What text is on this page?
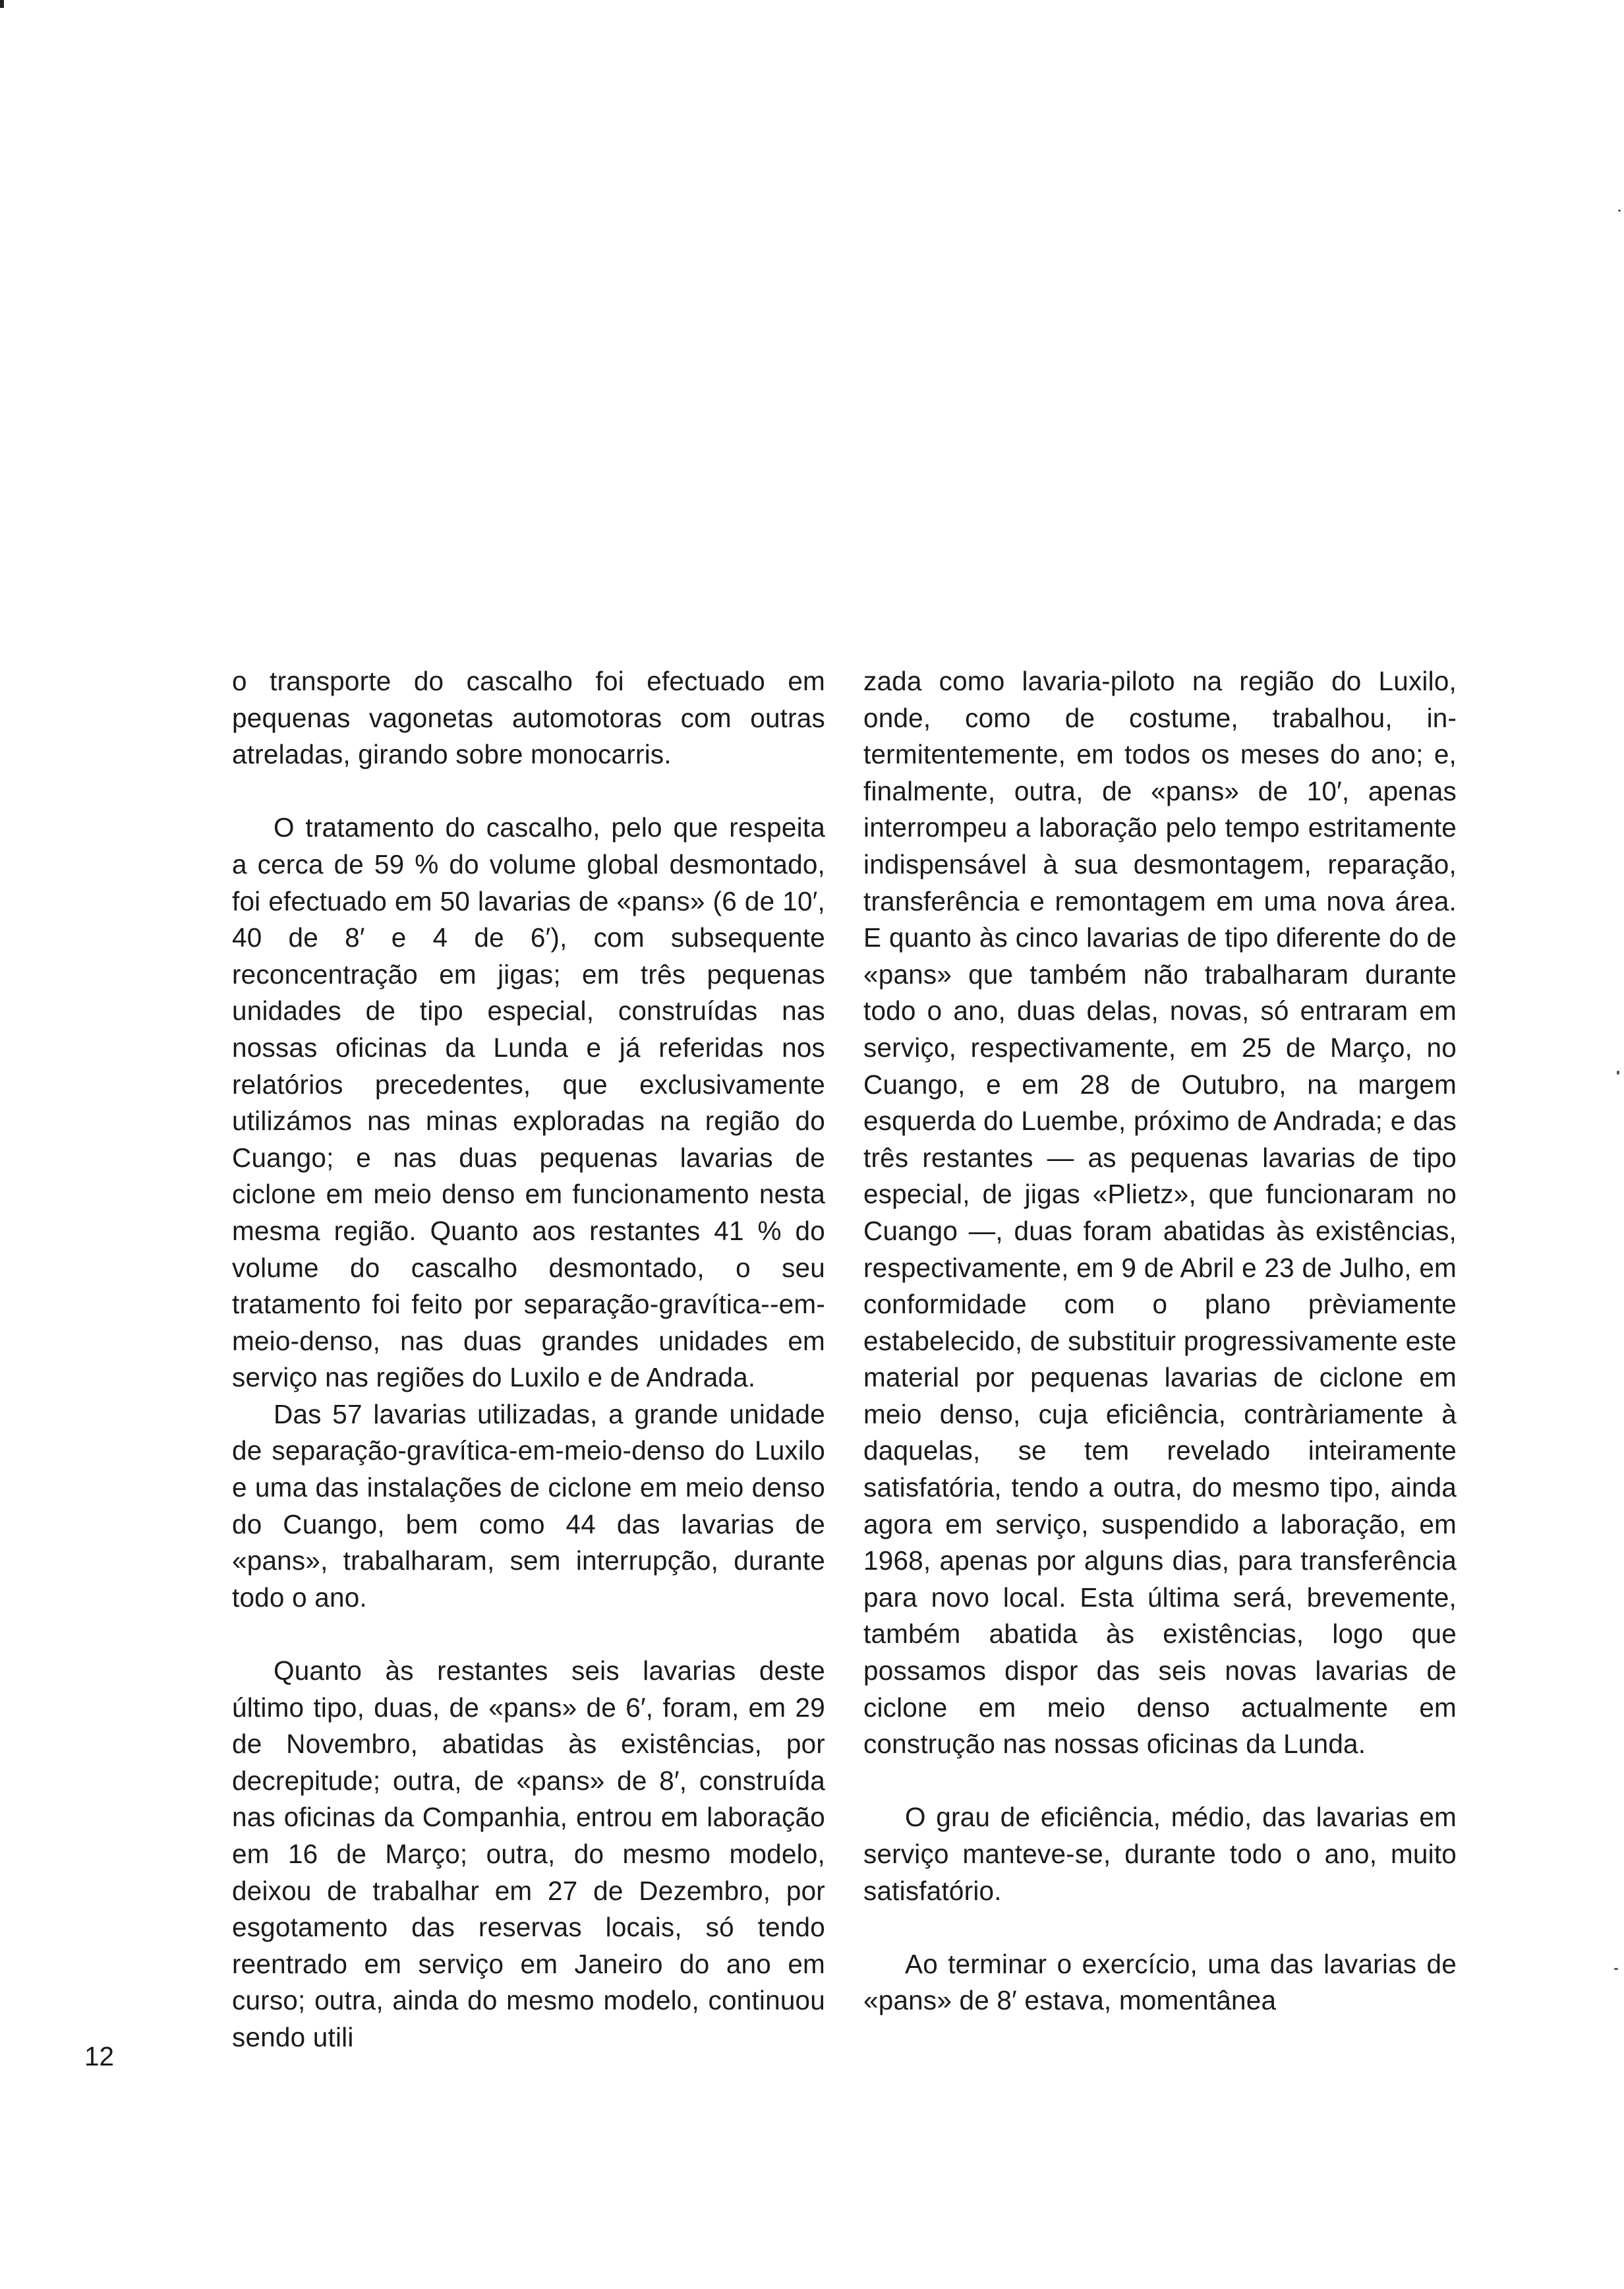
o transporte do cascalho foi efectuado em pequenas vagonetas automotoras com outras atreladas, girando sobre monocarris.

O tratamento do cascalho, pelo que respeita a cerca de 59 % do volume global desmontado, foi efectuado em 50 lavarias de «pans» (6 de 10′, 40 de 8′ e 4 de 6′), com subsequente reconcentração em jigas; em três pequenas unidades de tipo especial, construídas nas nossas oficinas da Lunda e já referidas nos relatórios precedentes, que exclusivamente utilizámos nas minas exploradas na região do Cuango; e nas duas pequenas lavarias de ciclone em meio denso em funcionamento nesta mesma região. Quanto aos restantes 41 % do volume do cascalho desmontado, o seu tratamento foi feito por separação-gravítica--em-meio-denso, nas duas grandes unidades em serviço nas regiões do Luxilo e de Andrada.

Das 57 lavarias utilizadas, a grande unidade de separação-gravítica-em-meio-denso do Luxilo e uma das instalações de ciclone em meio denso do Cuango, bem como 44 das lavarias de «pans», trabalharam, sem interrupção, durante todo o ano.

Quanto às restantes seis lavarias deste último tipo, duas, de «pans» de 6′, foram, em 29 de Novembro, abatidas às existências, por decrepitude; outra, de «pans» de 8′, construída nas oficinas da Companhia, entrou em laboração em 16 de Março; outra, do mesmo modelo, deixou de trabalhar em 27 de Dezembro, por esgotamento das reservas locais, só tendo reentrado em serviço em Janeiro do ano em curso; outra, ainda do mesmo modelo, continuou sendo utili

zada como lavaria-piloto na região do Luxilo, onde, como de costume, trabalhou, intermitentemente, em todos os meses do ano; e, finalmente, outra, de «pans» de 10′, apenas interrompeu a laboração pelo tempo estritamente indispensável à sua desmontagem, reparação, transferência e remontagem em uma nova área. E quanto às cinco lavarias de tipo diferente do de «pans» que também não trabalharam durante todo o ano, duas delas, novas, só entraram em serviço, respectivamente, em 25 de Março, no Cuango, e em 28 de Outubro, na margem esquerda do Luembe, próximo de Andrada; e das três restantes — as pequenas lavarias de tipo especial, de jigas «Plietz», que funcionaram no Cuango —, duas foram abatidas às existências, respectivamente, em 9 de Abril e 23 de Julho, em conformidade com o plano prèviamente estabelecido, de substituir progressivamente este material por pequenas lavarias de ciclone em meio denso, cuja eficiência, contràriamente à daquelas, se tem revelado inteiramente satisfatória, tendo a outra, do mesmo tipo, ainda agora em serviço, suspendido a laboração, em 1968, apenas por alguns dias, para transferência para novo local. Esta última será, brevemente, também abatida às existências, logo que possamos dispor das seis novas lavarias de ciclone em meio denso actualmente em construção nas nossas oficinas da Lunda.

O grau de eficiência, médio, das lavarias em serviço manteve-se, durante todo o ano, muito satisfatório.

Ao terminar o exercício, uma das lavarias de «pans» de 8′ estava, momentânea

12
